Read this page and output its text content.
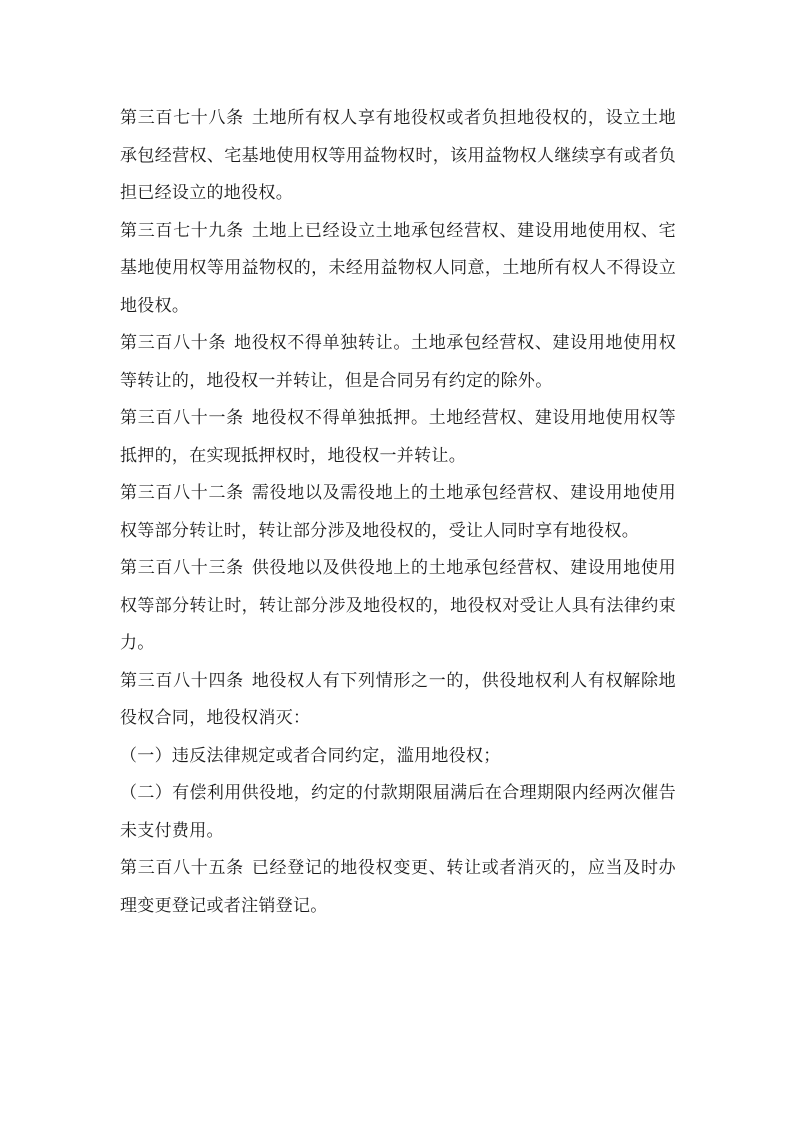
第三百七十八条 土地所有权人享有地役权或者负担地役权的，设立土地承包经营权、宅基地使用权等用益物权时，该用益物权人继续享有或者负担已经设立的地役权。

第三百七十九条 土地上已经设立土地承包经营权、建设用地使用权、宅基地使用权等用益物权的，未经用益物权人同意，土地所有权人不得设立地役权。

第三百八十条 地役权不得单独转让。土地承包经营权、建设用地使用权等转让的，地役权一并转让，但是合同另有约定的除外。

第三百八十一条 地役权不得单独抵押。土地经营权、建设用地使用权等抵押的，在实现抵押权时，地役权一并转让。

第三百八十二条 需役地以及需役地上的土地承包经营权、建设用地使用权等部分转让时，转让部分涉及地役权的，受让人同时享有地役权。

第三百八十三条 供役地以及供役地上的土地承包经营权、建设用地使用权等部分转让时，转让部分涉及地役权的，地役权对受让人具有法律约束力。

第三百八十四条 地役权人有下列情形之一的，供役地权利人有权解除地役权合同，地役权消灭：

（一）违反法律规定或者合同约定，滥用地役权；

（二）有偿利用供役地，约定的付款期限届满后在合理期限内经两次催告未支付费用。

第三百八十五条 已经登记的地役权变更、转让或者消灭的，应当及时办理变更登记或者注销登记。
